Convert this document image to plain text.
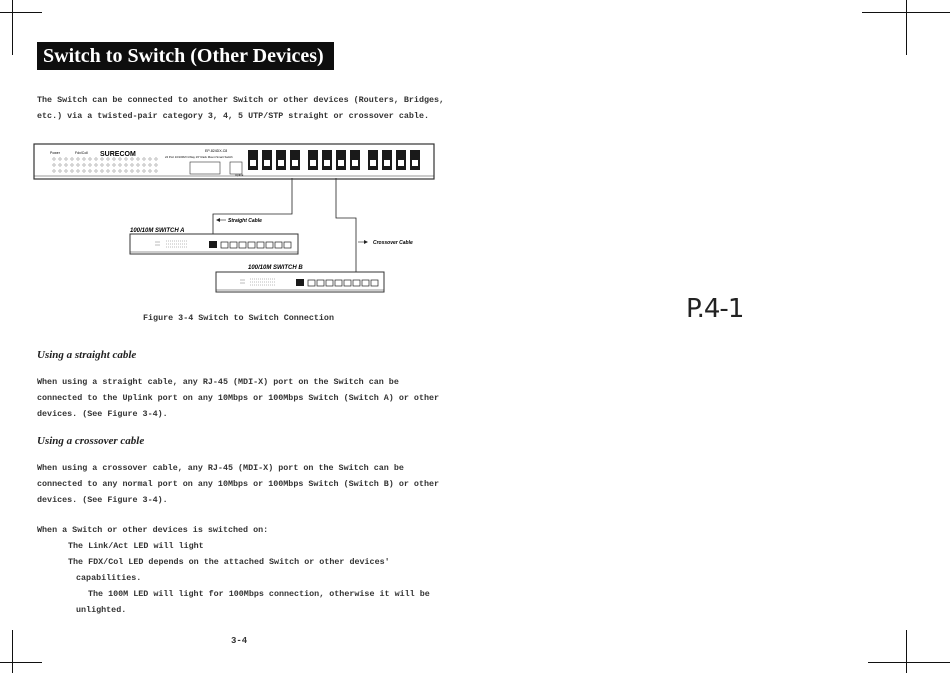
Switch to Switch (Other Devices)
The Switch can be connected to another Switch or other devices (Routers, Bridges,
etc.) via a twisted-pair category 3, 4, 5 UTP/STP straight or crossover cable.
Power	Fdx/Coll SURECOM	EP-824DX-C8
24 Port 10/100M N-Way 19" Rack Mount Smart Switch
Uplink
Straight Cable
Crossover Cable
100/10M SWITCH A
100/10M SWITCH B
Figure 3-4 Switch to Switch Connection
Using a straight cable
When using a straight cable, any RJ-45 (MDI-X) port on the Switch can be
connected to the Uplink port on any 10Mbps or 100Mbps Switch (Switch A) or other
devices. (See Figure 3-4).
Using a crossover cable
When using a crossover cable, any RJ-45 (MDI-X) port on the Switch can be
connected to any normal port on any 10Mbps or 100Mbps Switch (Switch B) or other
devices. (See Figure 3-4).
When a Switch or other devices is switched on:
The Link/Act LED will light
The FDX/Col LED depends on the attached Switch or other devices'
capabilities.
The 100M LED will light for 100Mbps connection, otherwise it will be
unlighted.
3-4
P.4-1
